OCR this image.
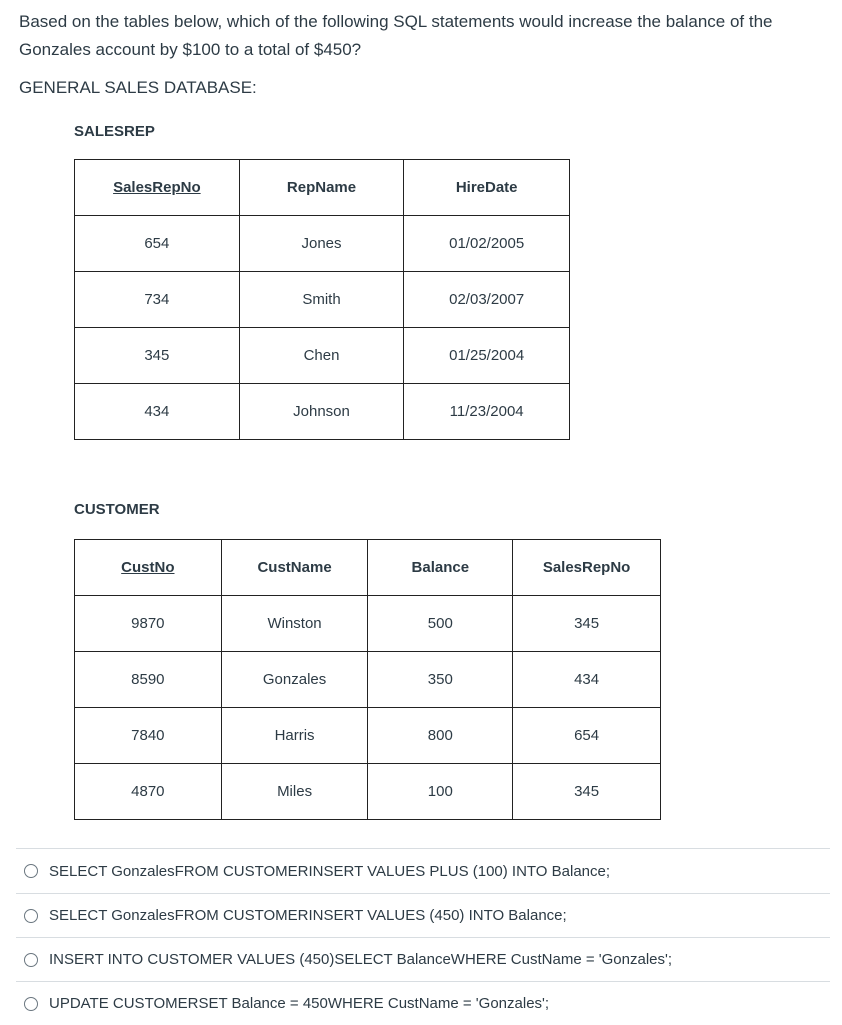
Based on the tables below, which of the following SQL statements would increase the balance of the Gonzales account by $100 to a total of $450?
GENERAL SALES DATABASE:
SALESREP
SalesRepNo	RepName	HireDate
654	Jones	01/02/2005
734	Smith	02/03/2007
345	Chen	01/25/2004
434	Johnson	11/23/2004
CUSTOMER
CustNo	CustName	Balance	SalesRepNo
9870	Winston	500	345
8590	Gonzales	350	434
7840	Harris	800	654
4870	Miles	100	345
SELECT GonzalesFROM CUSTOMERINSERT VALUES PLUS (100) INTO Balance;
SELECT GonzalesFROM CUSTOMERINSERT VALUES (450) INTO Balance;
INSERT INTO CUSTOMER VALUES (450)SELECT BalanceWHERE CustName = 'Gonzales';
UPDATE CUSTOMERSET Balance = 450WHERE CustName = 'Gonzales';
